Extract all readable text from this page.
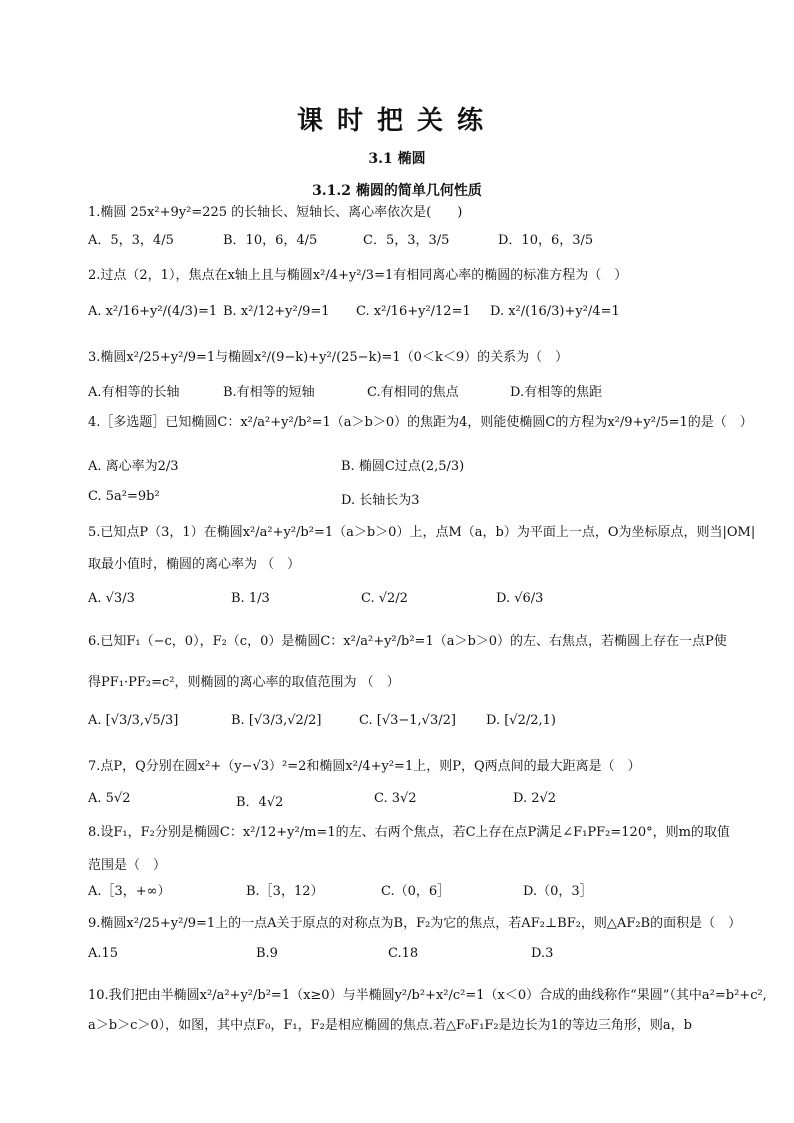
课时把关练
3.1 椭圆
3.1.2 椭圆的简单几何性质
1.椭圆 25x²+9y²=225 的长轴长、短轴长、离心率依次是(　　)
A．5，3，4/5	B．10，6，4/5	C．5，3，3/5	D．10，6，3/5
2.过点（2，1），焦点在x轴上且与椭圆x²/4+y²/3=1有相同离心率的椭圆的标准方程为（　）
A. x²/16+y²/(4/3)=1 B. x²/12+y²/9=1 C. x²/16+y²/12=1 D. x²/(16/3)+y²/4=1
3.椭圆x²/25+y²/9=1与椭圆x²/(9−k)+y²/(25−k)=1（0＜k＜9）的关系为（　）
A.有相等的长轴	B.有相等的短轴	C.有相同的焦点	D.有相等的焦距
4.［多选题］已知椭圆C：x²/a²+y²/b²=1（a＞b＞0）的焦距为4，则能使椭圆C的方程为x²/9+y²/5=1的是（　）
A. 离心率为2/3	B. 椭圆C过点(2,5/3)
C. 5a²=9b²	D. 长轴长为3
5.已知点P（3，1）在椭圆x²/a²+y²/b²=1（a＞b＞0）上，点M（a，b）为平面上一点，O为坐标原点，则当|OM|
取最小值时，椭圆的离心率为 （　）
A. √3/3	B. 1/3	C. √2/2	D. √6/3
6.已知F₁（−c，0），F₂（c，0）是椭圆C：x²/a²+y²/b²=1（a＞b＞0）的左、右焦点，若椭圆上存在一点P使
得PF₁·PF₂=c²，则椭圆的离心率的取值范围为 （　）
A. [√3/3,√5/3]	B. [√3/3,√2/2]	C. [√3−1,√3/2] D. [√2/2,1)
7.点P，Q分别在圆x²+（y−√3）²=2和椭圆x²/4+y²=1上，则P，Q两点间的最大距离是（　）
A. 5√2	B．4√2	C. 3√2	D. 2√2
8.设F₁，F₂分别是椭圆C：x²/12+y²/m=1的左、右两个焦点，若C上存在点P满足∠F₁PF₂=120°，则m的取值
范围是（　）
A.［3，+∞）	B.［3，12）	C.（0，6］	D.（0，3］
9.椭圆x²/25+y²/9=1上的一点A关于原点的对称点为B，F₂为它的焦点，若AF₂⊥BF₂，则△AF₂B的面积是（　）
A.15	B.9	C.18	D.3
10.我们把由半椭圆x²/a²+y²/b²=1（x≥0）与半椭圆y²/b²+x²/c²=1（x＜0）合成的曲线称作“果圆”（其中a²=b²+c²,
a＞b＞c＞0），如图，其中点F₀，F₁，F₂是相应椭圆的焦点.若△F₀F₁F₂是边长为1的等边三角形，则a，b
